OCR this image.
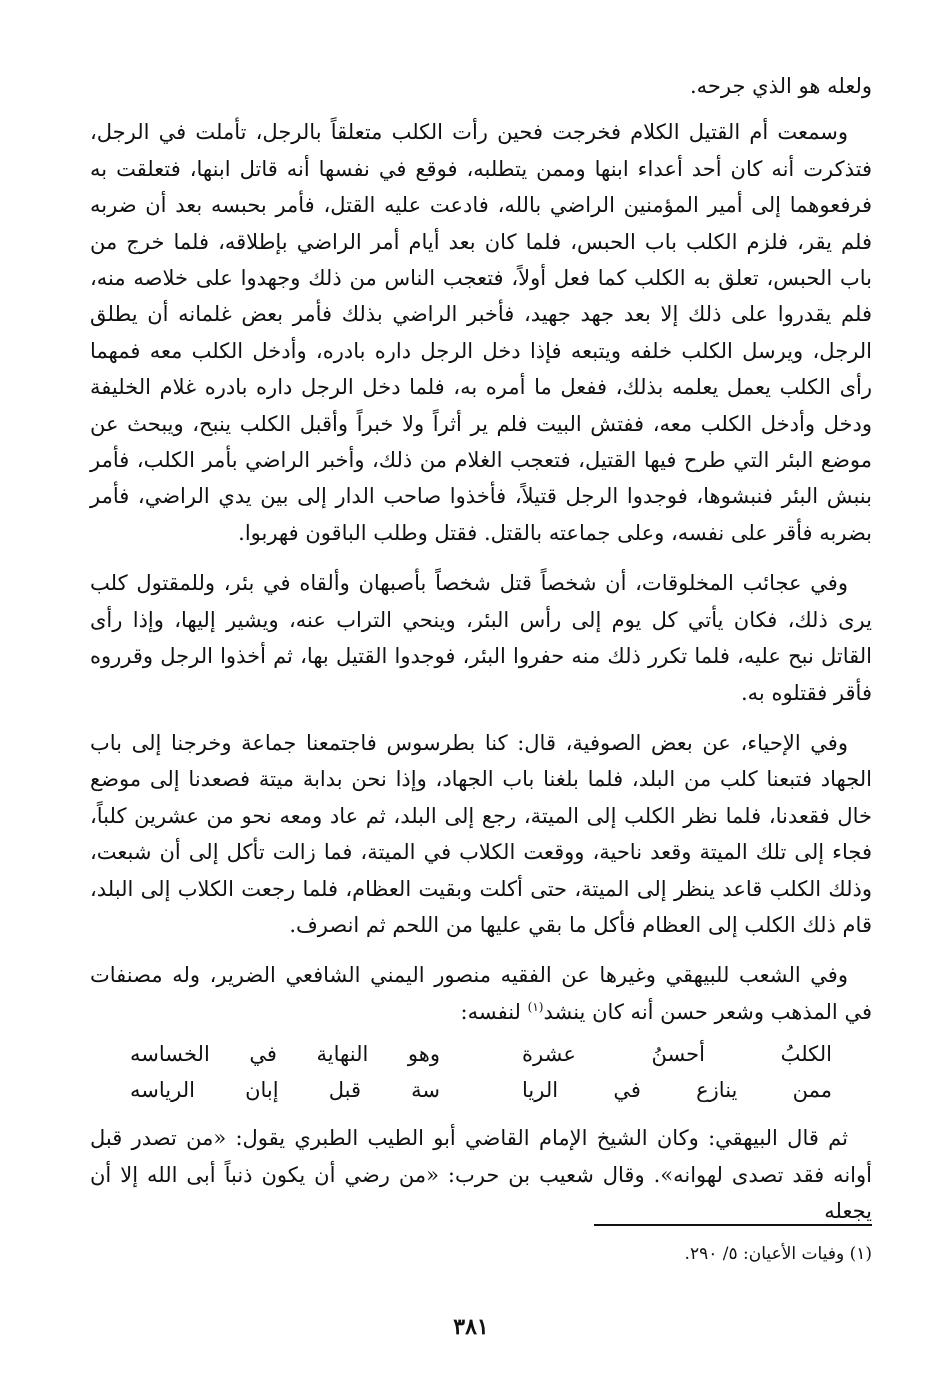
ولعله هو الذي جرحه.

وسمعت أم القتيل الكلام فخرجت فحين رأت الكلب متعلقاً بالرجل، تأملت في الرجل، فتذكرت أنه كان أحد أعداء ابنها وممن يتطلبه، فوقع في نفسها أنه قاتل ابنها، فتعلقت به فرفعوهما إلى أمير المؤمنين الراضي بالله، فادعت عليه القتل، فأمر بحبسه بعد أن ضربه فلم يقر، فلزم الكلب باب الحبس، فلما كان بعد أيام أمر الراضي بإطلاقه، فلما خرج من باب الحبس، تعلق به الكلب كما فعل أولاً، فتعجب الناس من ذلك وجهدوا على خلاصه منه، فلم يقدروا على ذلك إلا بعد جهد جهيد، فأخبر الراضي بذلك فأمر بعض غلمانه أن يطلق الرجل، ويرسل الكلب خلفه ويتبعه فإذا دخل الرجل داره بادره، وأدخل الكلب معه فمهما رأى الكلب يعمل يعلمه بذلك، ففعل ما أمره به، فلما دخل الرجل داره بادره غلام الخليفة ودخل وأدخل الكلب معه، ففتش البيت فلم ير أثراً ولا خبراً وأقبل الكلب ينبح، ويبحث عن موضع البئر التي طرح فيها القتيل، فتعجب الغلام من ذلك، وأخبر الراضي بأمر الكلب، فأمر بنبش البئر فنبشوها، فوجدوا الرجل قتيلاً، فأخذوا صاحب الدار إلى بين يدي الراضي، فأمر بضربه فأقر على نفسه، وعلى جماعته بالقتل. فقتل وطلب الباقون فهربوا.

وفي عجائب المخلوقات، أن شخصاً قتل شخصاً بأصبهان وألقاه في بئر، وللمقتول كلب يرى ذلك، فكان يأتي كل يوم إلى رأس البئر، وينحي التراب عنه، ويشير إليها، وإذا رأى القاتل نبح عليه، فلما تكرر ذلك منه حفروا البئر، فوجدوا القتيل بها، ثم أخذوا الرجل وقرروه فأقر فقتلوه به.

وفي الإحياء، عن بعض الصوفية، قال: كنا بطرسوس فاجتمعنا جماعة وخرجنا إلى باب الجهاد فتبعنا كلب من البلد، فلما بلغنا باب الجهاد، وإذا نحن بدابة ميتة فصعدنا إلى موضع خال فقعدنا، فلما نظر الكلب إلى الميتة، رجع إلى البلد، ثم عاد ومعه نحو من عشرين كلباً، فجاء إلى تلك الميتة وقعد ناحية، ووقعت الكلاب في الميتة، فما زالت تأكل إلى أن شبعت، وذلك الكلب قاعد ينظر إلى الميتة، حتى أكلت وبقيت العظام، فلما رجعت الكلاب إلى البلد، قام ذلك الكلب إلى العظام فأكل ما بقي عليها من اللحم ثم انصرف.

وفي الشعب للبيهقي وغيرها عن الفقيه منصور اليمني الشافعي الضرير، وله مصنفات في المذهب وشعر حسن أنه كان ينشد$^{(١)}$ لنفسه:

الكلبُ
أحسنُ
عشرة
وهو
النهاية
في
الخساسه
ممن
ينازع
في
الريا
سة
قبل
إبان
الرياسه

ثم قال البيهقي: وكان الشيخ الإمام القاضي أبو الطيب الطبري يقول: «من تصدر قبل أوانه فقد تصدى لهوانه». وقال شعيب بن حرب: «من رضي أن يكون ذنباً أبى الله إلا أن يجعله

(١) وفيات الأعيان: ٥/ ٢٩٠.
٣٨١
